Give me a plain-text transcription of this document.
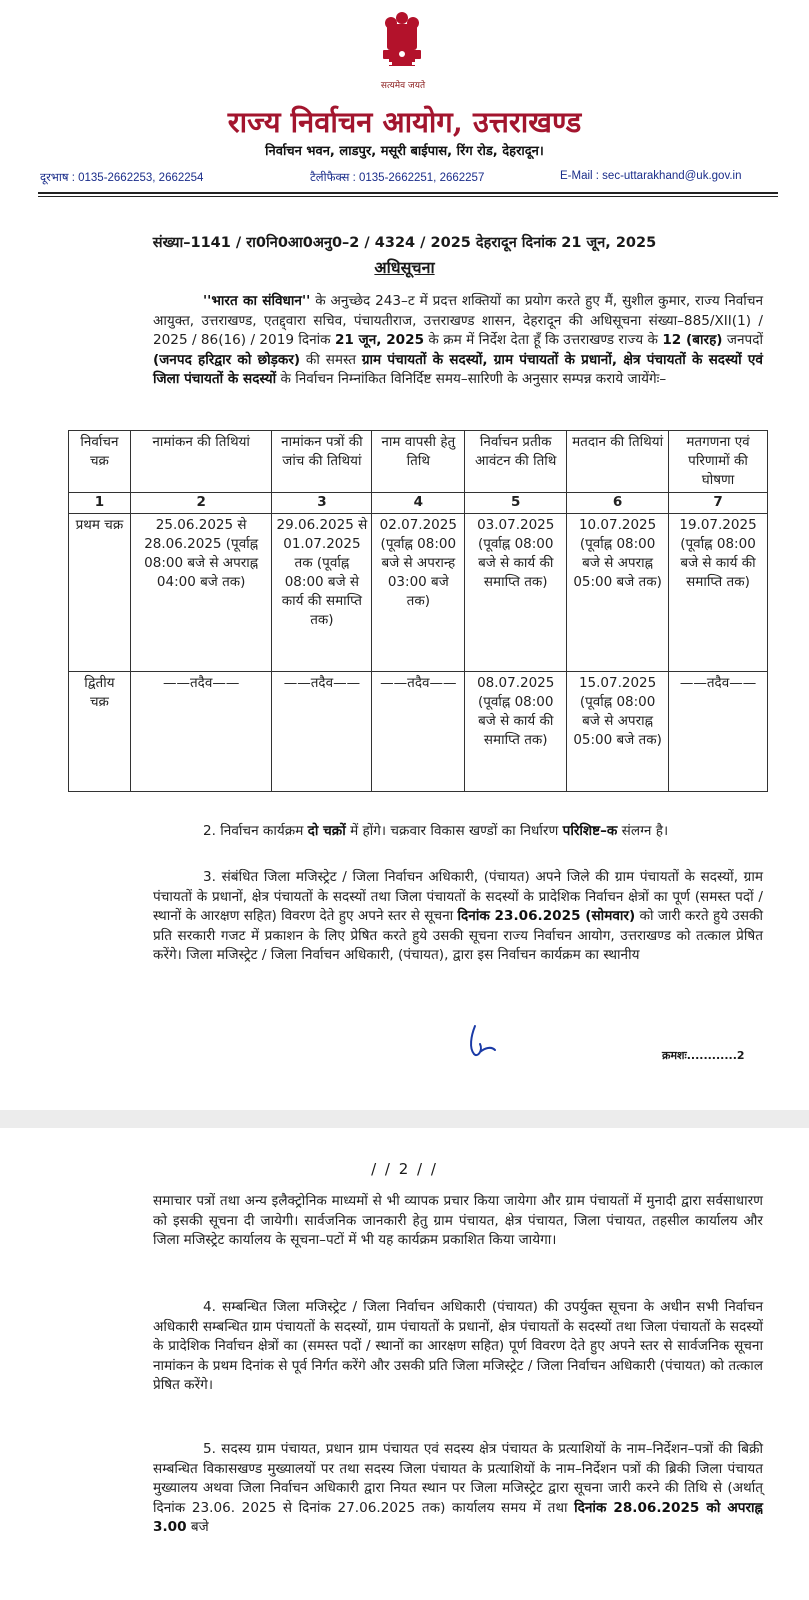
सत्यमेव जयते
राज्य निर्वाचन आयोग, उत्तराखण्ड
निर्वाचन भवन, लाडपुर, मसूरी बाईपास, रिंग रोड, देहरादून।
दूरभाष : 0135-2662253, 2662254	टैलीफैक्स : 0135-2662251, 2662257	E-Mail : sec-uttarakhand@uk.gov.in
संख्या–1141 / रा0नि0आ0अनु0–2 / 4324 / 2025 देहरादून दिनांक 21 जून, 2025
अधिसूचना
''भारत का संविधान'' के अनुच्छेद 243–ट में प्रदत्त शक्तियों का प्रयोग करते हुए मैं, सुशील कुमार, राज्य निर्वाचन आयुक्त, उत्तराखण्ड, एतद्द्वारा सचिव, पंचायतीराज, उत्तराखण्ड शासन, देहरादून की अधिसूचना संख्या–885/XII(1) / 2025 / 86(16) / 2019 दिनांक 21 जून, 2025 के क्रम में निर्देश देता हूँ कि उत्तराखण्ड राज्य के 12 (बारह) जनपदों (जनपद हरिद्वार को छोड़कर) की समस्त ग्राम पंचायतों के सदस्यों, ग्राम पंचायतों के प्रधानों, क्षेत्र पंचायतों के सदस्यों एवं जिला पंचायतों के सदस्यों के निर्वाचन निम्नांकित विनिर्दिष्ट समय–सारिणी के अनुसार सम्पन्न कराये जायेंगेः–
निर्वाचन चक्र	नामांकन की तिथियां	नामांकन पत्रों की जांच की तिथियां	नाम वापसी हेतु तिथि	निर्वाचन प्रतीक आवंटन की तिथि	मतदान की तिथियां	मतगणना एवं परिणामों की घोषणा
1	2	3	4	5	6	7
प्रथम चक्र	25.06.2025 से 28.06.2025 (पूर्वाह्न 08:00 बजे से अपराह्न 04:00 बजे तक)	29.06.2025 से 01.07.2025 तक (पूर्वाह्न 08:00 बजे से कार्य की समाप्ति तक)	02.07.2025 (पूर्वाह्न 08:00 बजे से अपरान्ह 03:00 बजे तक)	03.07.2025 (पूर्वाह्न 08:00 बजे से कार्य की समाप्ति तक)	10.07.2025 (पूर्वाह्न 08:00 बजे से अपराह्न 05:00 बजे तक)	19.07.2025 (पूर्वाह्न 08:00 बजे से कार्य की समाप्ति तक)
द्वितीय चक्र	——तदैव——	——तदैव——	——तदैव——	08.07.2025 (पूर्वाह्न 08:00 बजे से कार्य की समाप्ति तक)	15.07.2025 (पूर्वाह्न 08:00 बजे से अपराह्न 05:00 बजे तक)	——तदैव——
2. निर्वाचन कार्यक्रम दो चक्रों में होंगे। चक्रवार विकास खण्डों का निर्धारण परिशिष्ट–क संलग्न है।
3. संबंधित जिला मजिस्ट्रेट / जिला निर्वाचन अधिकारी, (पंचायत) अपने जिले की ग्राम पंचायतों के सदस्यों, ग्राम पंचायतों के प्रधानों, क्षेत्र पंचायतों के सदस्यों तथा जिला पंचायतों के सदस्यों के प्रादेशिक निर्वाचन क्षेत्रों का पूर्ण (समस्त पदों / स्थानों के आरक्षण सहित) विवरण देते हुए अपने स्तर से सूचना दिनांक 23.06.2025 (सोमवार) को जारी करते हुये उसकी प्रति सरकारी गजट में प्रकाशन के लिए प्रेषित करते हुये उसकी सूचना राज्य निर्वाचन आयोग, उत्तराखण्ड को तत्काल प्रेषित करेंगे। जिला मजिस्ट्रेट / जिला निर्वाचन अधिकारी, (पंचायत), द्वारा इस निर्वाचन कार्यक्रम का स्थानीय
क्रमशः............2
/ / 2 / /
समाचार पत्रों तथा अन्य इलैक्ट्रोनिक माध्यमों से भी व्यापक प्रचार किया जायेगा और ग्राम पंचायतों में मुनादी द्वारा सर्वसाधारण को इसकी सूचना दी जायेगी। सार्वजनिक जानकारी हेतु ग्राम पंचायत, क्षेत्र पंचायत, जिला पंचायत, तहसील कार्यालय और जिला मजिस्ट्रेट कार्यालय के सूचना–पटों में भी यह कार्यक्रम प्रकाशित किया जायेगा।
4. सम्बन्धित जिला मजिस्ट्रेट / जिला निर्वाचन अधिकारी (पंचायत) की उपर्युक्त सूचना के अधीन सभी निर्वाचन अधिकारी सम्बन्धित ग्राम पंचायतों के सदस्यों, ग्राम पंचायतों के प्रधानों, क्षेत्र पंचायतों के सदस्यों तथा जिला पंचायतों के सदस्यों के प्रादेशिक निर्वाचन क्षेत्रों का (समस्त पदों / स्थानों का आरक्षण सहित) पूर्ण विवरण देते हुए अपने स्तर से सार्वजनिक सूचना नामांकन के प्रथम दिनांक से पूर्व निर्गत करेंगे और उसकी प्रति जिला मजिस्ट्रेट / जिला निर्वाचन अधिकारी (पंचायत) को तत्काल प्रेषित करेंगे।
5. सदस्य ग्राम पंचायत, प्रधान ग्राम पंचायत एवं सदस्य क्षेत्र पंचायत के प्रत्याशियों के नाम–निर्देशन–पत्रों की बिक्री सम्बन्धित विकासखण्ड मुख्यालयों पर तथा सदस्य जिला पंचायत के प्रत्याशियों के नाम–निर्देशन पत्रों की ब्रिकी जिला पंचायत मुख्यालय अथवा जिला निर्वाचन अधिकारी द्वारा नियत स्थान पर जिला मजिस्ट्रेट द्वारा सूचना जारी करने की तिथि से (अर्थात् दिनांक 23.06. 2025 से दिनांक 27.06.2025 तक) कार्यालय समय में तथा दिनांक 28.06.2025 को अपराह्न 3.00 बजे
